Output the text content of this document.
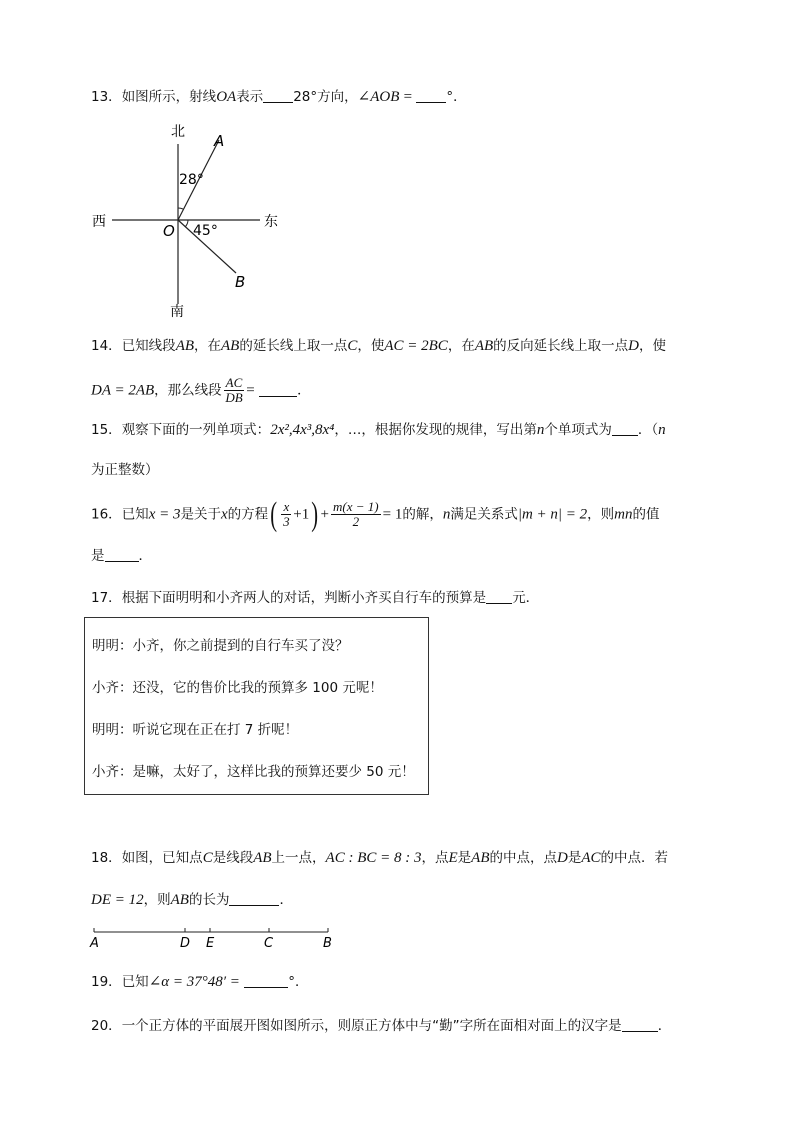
13．如图所示，射线OA表示 28°方向，∠AOB =	°．
北
南
西	东
O
A
B
28°
45°
14．已知线段AB，在AB的延长线上取一点C，使AC = 2BC，在AB的反向延长线上取一点D，使
DA = 2AB，那么线段 $\frac{AC}{DB}$ =	．
15．观察下面的一列单项式：2x²,4x³,8x⁴，…，根据你发现的规律，写出第n个单项式为 ．（n
为正整数）
16．已知x = 3是关于x的方程( $\frac{x}{3} +1) + \frac{m(x - 1)}{2} = 1$的解，n满足关系式|m + n| = 2，则mn的值
是	．
17．根据下面明明和小齐两人的对话，判断小齐买自行车的预算是 元．
明明：小齐，你之前提到的自行车买了没？
小齐：还没，它的售价比我的预算多 100 元呢！
明明：听说它现在正在打 7 折呢！
小齐：是嘛，太好了，这样比我的预算还要少 50 元！
18．如图，已知点C是线段AB上一点，AC : BC = 8 : 3，点E是AB的中点，点D是AC的中点．若
DE = 12，则AB的长为	．
A	D E	C	B
19．已知∠α = 37°48′ =	°．
20．一个正方体的平面展开图如图所示，则原正方体中与“勤”字所在面相对面上的汉字是	．
